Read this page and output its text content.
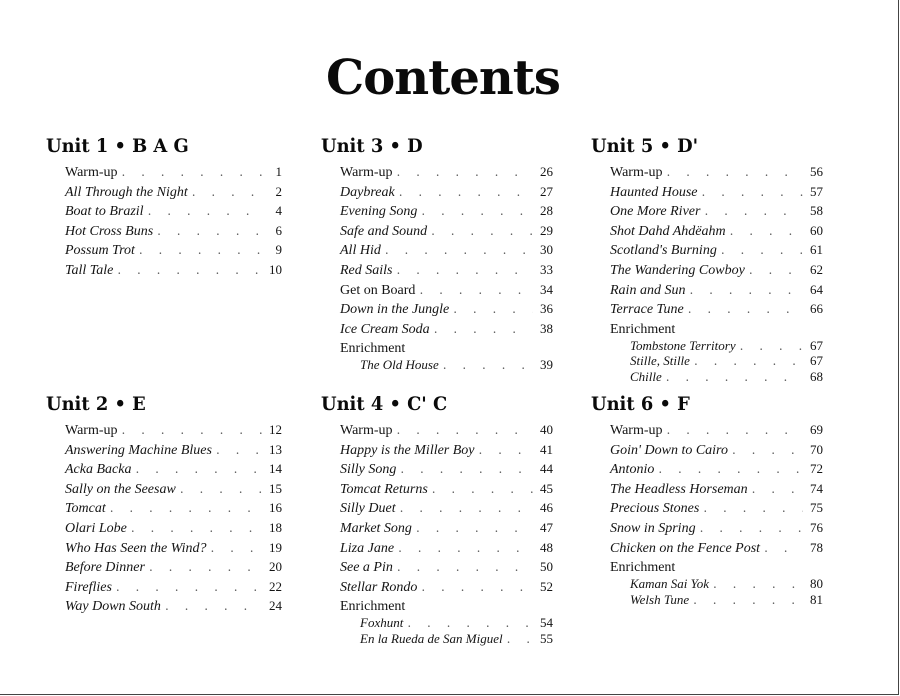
Contents
Unit 1 • B A G
Warm-up . . .	1
All Through the Night . . .	2
Boat to Brazil . . .	4
Hot Cross Buns . . .	6
Possum Trot . . .	9
Tall Tale . . .	10
Unit 3 • D
Warm-up . . .	26
Daybreak . . .	27
Evening Song . . .	28
Safe and Sound . . .	29
All Hid . . .	30
Red Sails . . .	33
Get on Board . . .	34
Down in the Jungle . . .	36
Ice Cream Soda . . .	38
Enrichment
The Old House . . .	39
Unit 5 • D'
Warm-up . . .	56
Haunted House . . .	57
One More River . . .	58
Shot Dahd Ahdëahm . . .	60
Scotland's Burning . . .	61
The Wandering Cowboy . . .	62
Rain and Sun . . .	64
Terrace Tune . . .	66
Enrichment
Tombstone Territory . . .	67
Stille, Stille . . .	67
Chille . . .	68
Unit 2 • E
Warm-up . . .	12
Answering Machine Blues . . .	13
Acka Backa . . .	14
Sally on the Seesaw . . .	15
Tomcat . . .	16
Olari Lobe . . .	18
Who Has Seen the Wind? . . .	19
Before Dinner . . .	20
Fireflies . . .	22
Way Down South . . .	24
Unit 4 • C' C
Warm-up . . .	40
Happy is the Miller Boy . . .	41
Silly Song . . .	44
Tomcat Returns . . .	45
Silly Duet . . .	46
Market Song . . .	47
Liza Jane . . .	48
See a Pin . . .	50
Stellar Rondo . . .	52
Enrichment
Foxhunt . . .	54
En la Rueda de San Miguel . . .	55
Unit 6 • F
Warm-up . . .	69
Goin' Down to Cairo . . .	70
Antonio . . .	72
The Headless Horseman . . .	74
Precious Stones . . .	75
Snow in Spring . . .	76
Chicken on the Fence Post . . .	78
Enrichment
Kaman Sai Yok . . .	80
Welsh Tune . . .	81
